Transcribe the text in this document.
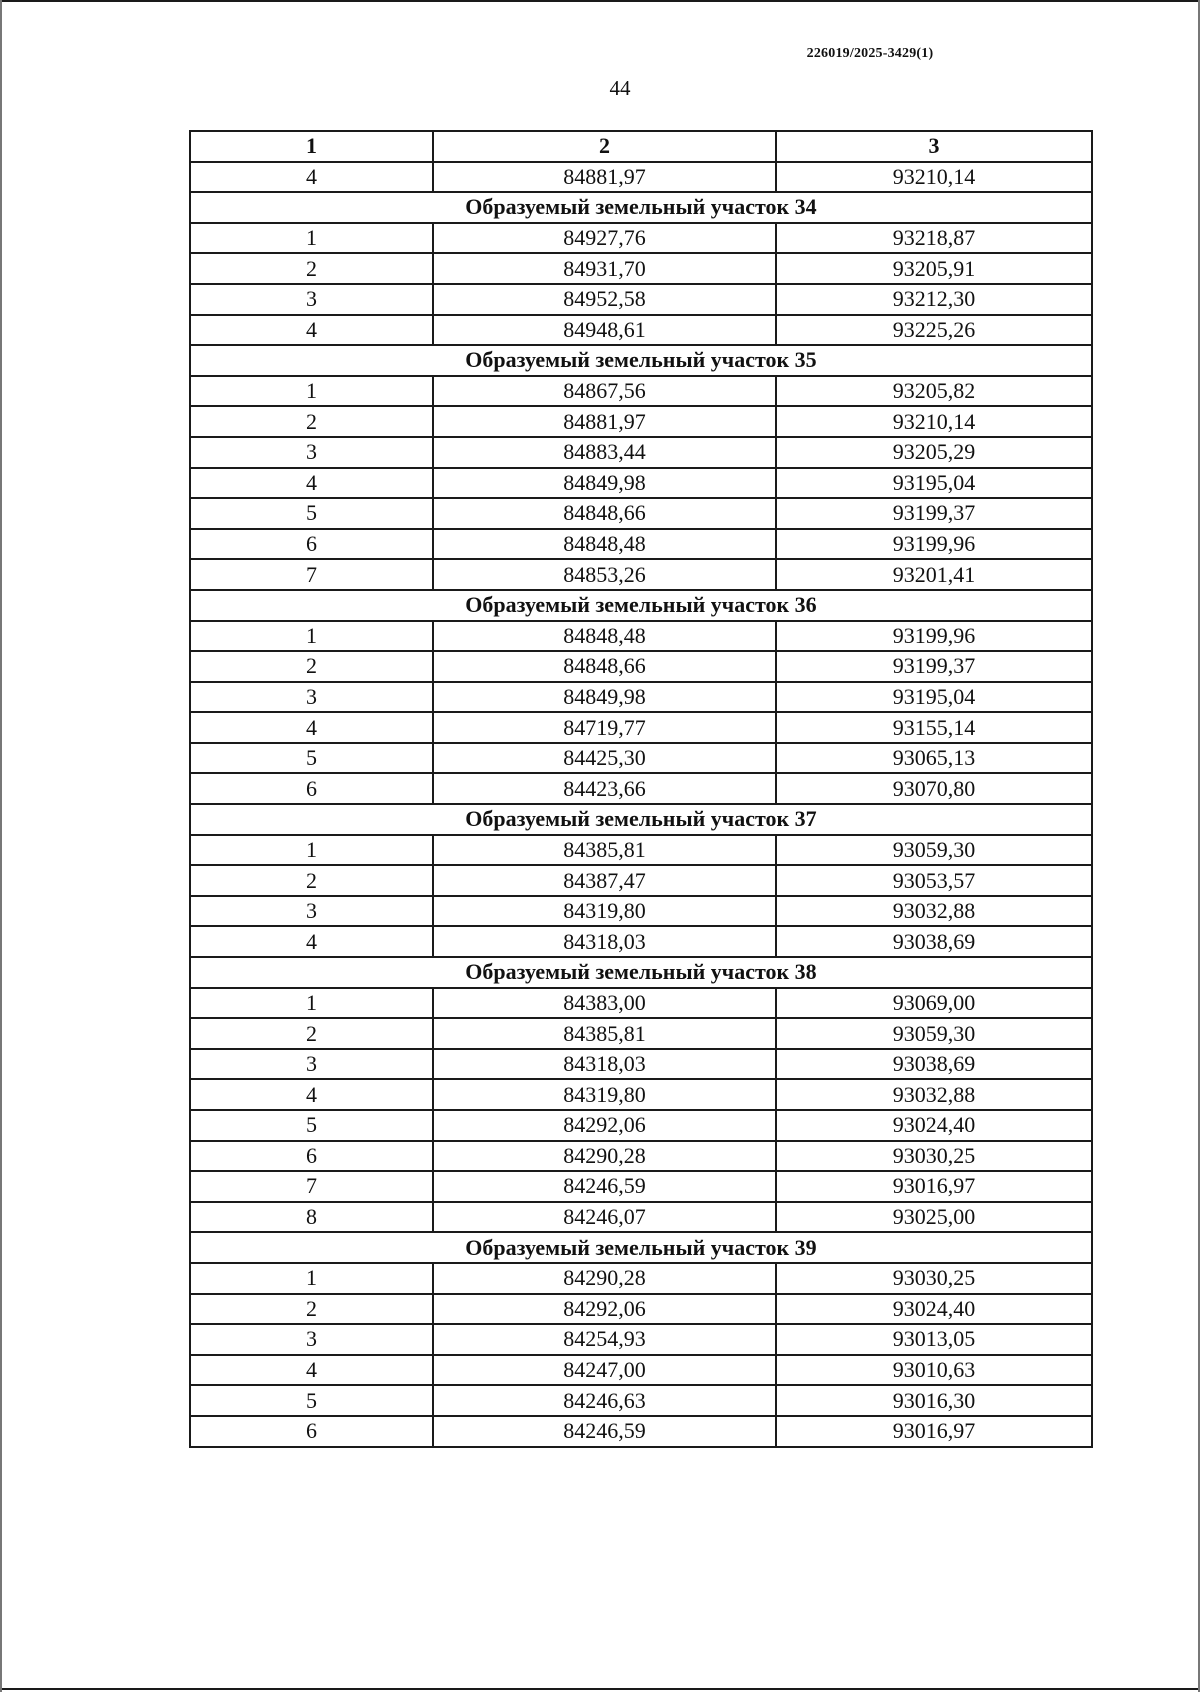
226019/2025-3429(1)
44
1	2	3
4	84881,97	93210,14
Образуемый земельный участок 34		
1	84927,76	93218,87
2	84931,70	93205,91
3	84952,58	93212,30
4	84948,61	93225,26
Образуемый земельный участок 35		
1	84867,56	93205,82
2	84881,97	93210,14
3	84883,44	93205,29
4	84849,98	93195,04
5	84848,66	93199,37
6	84848,48	93199,96
7	84853,26	93201,41
Образуемый земельный участок 36		
1	84848,48	93199,96
2	84848,66	93199,37
3	84849,98	93195,04
4	84719,77	93155,14
5	84425,30	93065,13
6	84423,66	93070,80
Образуемый земельный участок 37		
1	84385,81	93059,30
2	84387,47	93053,57
3	84319,80	93032,88
4	84318,03	93038,69
Образуемый земельный участок 38		
1	84383,00	93069,00
2	84385,81	93059,30
3	84318,03	93038,69
4	84319,80	93032,88
5	84292,06	93024,40
6	84290,28	93030,25
7	84246,59	93016,97
8	84246,07	93025,00
Образуемый земельный участок 39		
1	84290,28	93030,25
2	84292,06	93024,40
3	84254,93	93013,05
4	84247,00	93010,63
5	84246,63	93016,30
6	84246,59	93016,97
